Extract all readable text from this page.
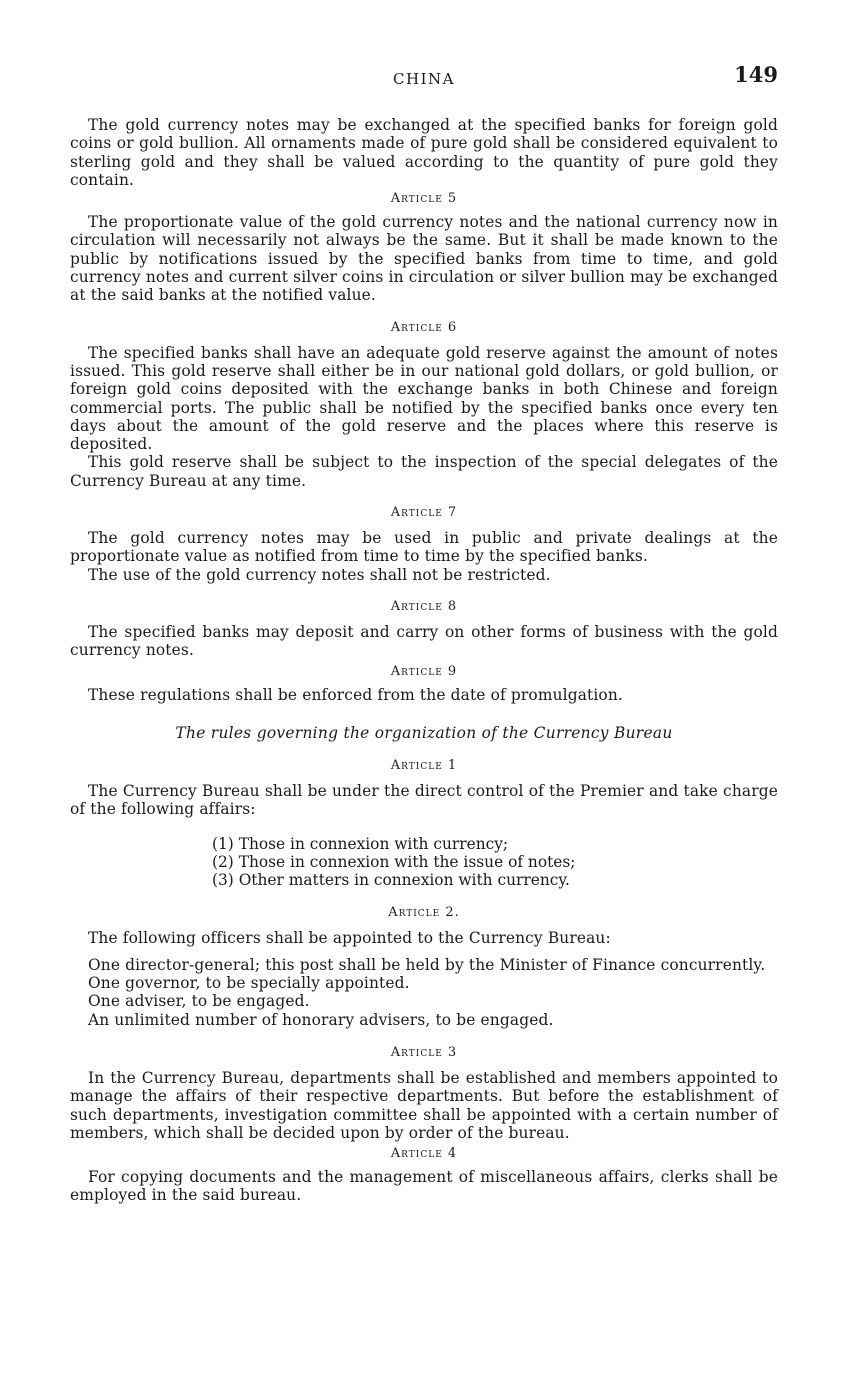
CHINA	149

The gold currency notes may be exchanged at the specified banks for foreign gold coins or gold bullion. All ornaments made of pure gold shall be considered equivalent to sterling gold and they shall be valued according to the quantity of pure gold they contain.

Article 5

The proportionate value of the gold currency notes and the national currency now in circulation will necessarily not always be the same. But it shall be made known to the public by notifications issued by the specified banks from time to time, and gold currency notes and current silver coins in circulation or silver bullion may be exchanged at the said banks at the notified value.

Article 6

The specified banks shall have an adequate gold reserve against the amount of notes issued. This gold reserve shall either be in our national gold dollars, or gold bullion, or foreign gold coins deposited with the exchange banks in both Chinese and foreign commercial ports. The public shall be notified by the specified banks once every ten days about the amount of the gold reserve and the places where this reserve is deposited.

This gold reserve shall be subject to the inspection of the special delegates of the Currency Bureau at any time.

Article 7

The gold currency notes may be used in public and private dealings at the proportionate value as notified from time to time by the specified banks.

The use of the gold currency notes shall not be restricted.

Article 8

The specified banks may deposit and carry on other forms of business with the gold currency notes.

Article 9

These regulations shall be enforced from the date of promulgation.

The rules governing the organization of the Currency Bureau
Article 1

The Currency Bureau shall be under the direct control of the Premier and take charge of the following affairs:

(1) Those in connexion with currency;
(2) Those in connexion with the issue of notes;
(3) Other matters in connexion with currency.
Article 2.

The following officers shall be appointed to the Currency Bureau:

One director-general; this post shall be held by the Minister of Finance concurrently.

One governor, to be specially appointed.

One adviser, to be engaged.

An unlimited number of honorary advisers, to be engaged.

Article 3

In the Currency Bureau, departments shall be established and members appointed to manage the affairs of their respective departments. But before the establishment of such departments, investigation committee shall be appointed with a certain number of members, which shall be decided upon by order of the bureau.

Article 4

For copying documents and the management of miscellaneous affairs, clerks shall be employed in the said bureau.
